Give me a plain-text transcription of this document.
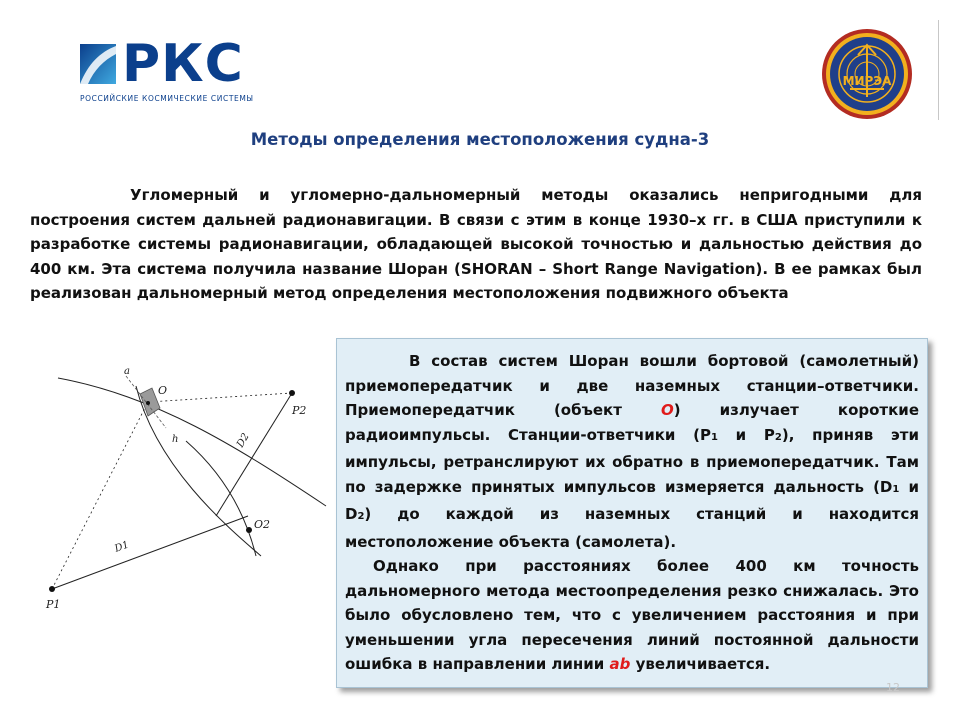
РКС
РОССИЙСКИЕ КОСМИЧЕСКИЕ СИСТЕМЫ
МИРЭА
Методы определения местоположения судна-3

Угломерный и угломерно-дальномерный методы оказались непригодными для построения систем дальней радионавигации. В связи с этим в конце 1930–х гг. в США приступили к разработке системы радионавигации, обладающей высокой точностью и дальностью действия до 400 км. Эта система получила название Шоран (SHORAN – Short Range Navigation). В ее рамках был реализован дальномерный метод определения местоположения подвижного объекта

a
O
h	D2
P2
O2
D1
P1

В состав систем Шоран вошли бортовой (самолетный) приемопередатчик и две наземных станции–ответчики. Приемопередатчик (объект O) излучает короткие радиоимпульсы. Станции-ответчики (Р1 и Р2), приняв эти импульсы, ретранслируют их обратно в приемопередатчик. Там по задержке принятых импульсов измеряется дальность (D1 и D2) до каждой из наземных станций и находится местоположение объекта (самолета).

Однако при расстояниях более 400 км точность дальномерного метода местоопределения резко снижалась. Это было обусловлено тем, что с увеличением расстояния и при уменьшении угла пересечения линий постоянной дальности ошибка в направлении линии ab увеличивается.

12
